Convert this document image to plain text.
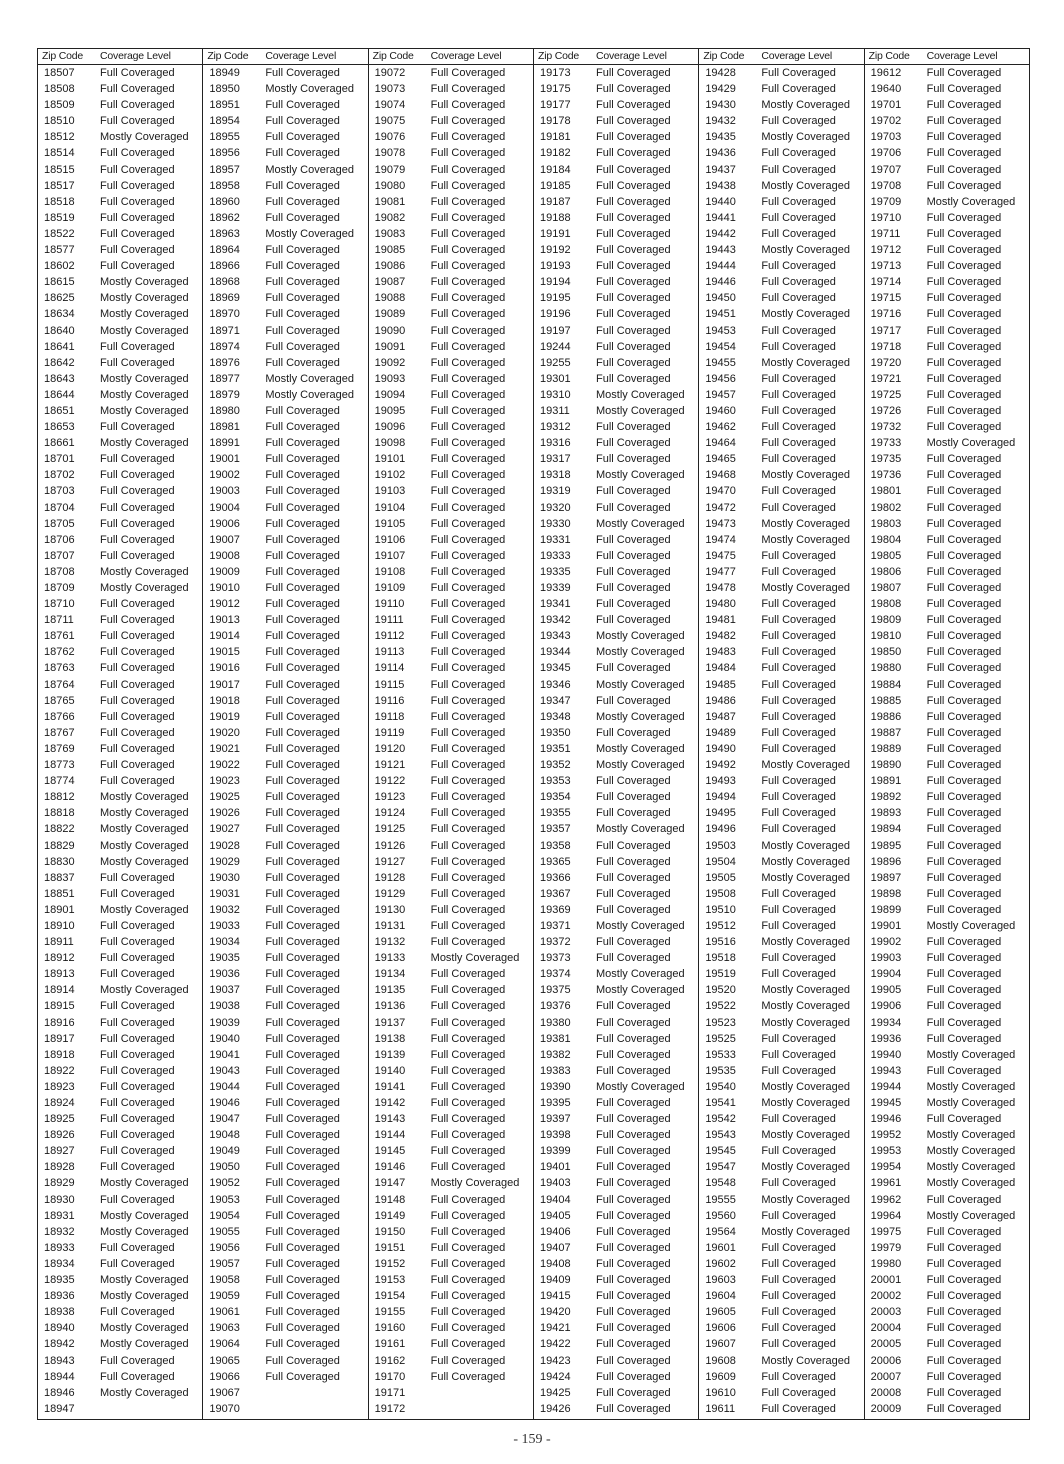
Zip Code	Coverage Level
18507	Full Coveraged
18508	Full Coveraged
18509	Full Coveraged
18510	Full Coveraged
18512	Mostly Coveraged
18514	Full Coveraged
18515	Full Coveraged
18517	Full Coveraged
18518	Full Coveraged
18519	Full Coveraged
18522	Full Coveraged
18577	Full Coveraged
18602	Full Coveraged
18615	Mostly Coveraged
18625	Mostly Coveraged
18634	Mostly Coveraged
18640	Mostly Coveraged
18641	Full Coveraged
18642	Full Coveraged
18643	Mostly Coveraged
18644	Mostly Coveraged
18651	Mostly Coveraged
18653	Full Coveraged
18661	Mostly Coveraged
18701	Full Coveraged
18702	Full Coveraged
18703	Full Coveraged
18704	Full Coveraged
18705	Full Coveraged
18706	Full Coveraged
18707	Full Coveraged
18708	Mostly Coveraged
18709	Mostly Coveraged
18710	Full Coveraged
18711	Full Coveraged
18761	Full Coveraged
18762	Full Coveraged
18763	Full Coveraged
18764	Full Coveraged
18765	Full Coveraged
18766	Full Coveraged
18767	Full Coveraged
18769	Full Coveraged
18773	Full Coveraged
18774	Full Coveraged
18812	Mostly Coveraged
18818	Mostly Coveraged
18822	Mostly Coveraged
18829	Mostly Coveraged
18830	Mostly Coveraged
18837	Full Coveraged
18851	Full Coveraged
18901	Mostly Coveraged
18910	Full Coveraged
18911	Full Coveraged
18912	Full Coveraged
18913	Full Coveraged
18914	Mostly Coveraged
18915	Full Coveraged
18916	Full Coveraged
18917	Full Coveraged
18918	Full Coveraged
18922	Full Coveraged
18923	Full Coveraged
18924	Full Coveraged
18925	Full Coveraged
18926	Full Coveraged
18927	Full Coveraged
18928	Full Coveraged
18929	Mostly Coveraged
18930	Full Coveraged
18931	Mostly Coveraged
18932	Mostly Coveraged
18933	Full Coveraged
18934	Full Coveraged
18935	Mostly Coveraged
18936	Mostly Coveraged
18938	Full Coveraged
18940	Mostly Coveraged
18942	Mostly Coveraged
18943	Full Coveraged
18944	Full Coveraged
18946	Mostly Coveraged
18947
Zip Code	Coverage Level
18949	Full Coveraged
18950	Mostly Coveraged
18951	Full Coveraged
18954	Full Coveraged
18955	Full Coveraged
18956	Full Coveraged
18957	Mostly Coveraged
18958	Full Coveraged
18960	Full Coveraged
18962	Full Coveraged
18963	Mostly Coveraged
18964	Full Coveraged
18966	Full Coveraged
18968	Full Coveraged
18969	Full Coveraged
18970	Full Coveraged
18971	Full Coveraged
18974	Full Coveraged
18976	Full Coveraged
18977	Mostly Coveraged
18979	Mostly Coveraged
18980	Full Coveraged
18981	Full Coveraged
18991	Full Coveraged
19001	Full Coveraged
19002	Full Coveraged
19003	Full Coveraged
19004	Full Coveraged
19006	Full Coveraged
19007	Full Coveraged
19008	Full Coveraged
19009	Full Coveraged
19010	Full Coveraged
19012	Full Coveraged
19013	Full Coveraged
19014	Full Coveraged
19015	Full Coveraged
19016	Full Coveraged
19017	Full Coveraged
19018	Full Coveraged
19019	Full Coveraged
19020	Full Coveraged
19021	Full Coveraged
19022	Full Coveraged
19023	Full Coveraged
19025	Full Coveraged
19026	Full Coveraged
19027	Full Coveraged
19028	Full Coveraged
19029	Full Coveraged
19030	Full Coveraged
19031	Full Coveraged
19032	Full Coveraged
19033	Full Coveraged
19034	Full Coveraged
19035	Full Coveraged
19036	Full Coveraged
19037	Full Coveraged
19038	Full Coveraged
19039	Full Coveraged
19040	Full Coveraged
19041	Full Coveraged
19043	Full Coveraged
19044	Full Coveraged
19046	Full Coveraged
19047	Full Coveraged
19048	Full Coveraged
19049	Full Coveraged
19050	Full Coveraged
19052	Full Coveraged
19053	Full Coveraged
19054	Full Coveraged
19055	Full Coveraged
19056	Full Coveraged
19057	Full Coveraged
19058	Full Coveraged
19059	Full Coveraged
19061	Full Coveraged
19063	Full Coveraged
19064	Full Coveraged
19065	Full Coveraged
19066	Full Coveraged
19067
19070
Zip Code	Coverage Level
19072	Full Coveraged
19073	Full Coveraged
19074	Full Coveraged
19075	Full Coveraged
19076	Full Coveraged
19078	Full Coveraged
19079	Full Coveraged
19080	Full Coveraged
19081	Full Coveraged
19082	Full Coveraged
19083	Full Coveraged
19085	Full Coveraged
19086	Full Coveraged
19087	Full Coveraged
19088	Full Coveraged
19089	Full Coveraged
19090	Full Coveraged
19091	Full Coveraged
19092	Full Coveraged
19093	Full Coveraged
19094	Full Coveraged
19095	Full Coveraged
19096	Full Coveraged
19098	Full Coveraged
19101	Full Coveraged
19102	Full Coveraged
19103	Full Coveraged
19104	Full Coveraged
19105	Full Coveraged
19106	Full Coveraged
19107	Full Coveraged
19108	Full Coveraged
19109	Full Coveraged
19110	Full Coveraged
19111	Full Coveraged
19112	Full Coveraged
19113	Full Coveraged
19114	Full Coveraged
19115	Full Coveraged
19116	Full Coveraged
19118	Full Coveraged
19119	Full Coveraged
19120	Full Coveraged
19121	Full Coveraged
19122	Full Coveraged
19123	Full Coveraged
19124	Full Coveraged
19125	Full Coveraged
19126	Full Coveraged
19127	Full Coveraged
19128	Full Coveraged
19129	Full Coveraged
19130	Full Coveraged
19131	Full Coveraged
19132	Full Coveraged
19133	Mostly Coveraged
19134	Full Coveraged
19135	Full Coveraged
19136	Full Coveraged
19137	Full Coveraged
19138	Full Coveraged
19139	Full Coveraged
19140	Full Coveraged
19141	Full Coveraged
19142	Full Coveraged
19143	Full Coveraged
19144	Full Coveraged
19145	Full Coveraged
19146	Full Coveraged
19147	Mostly Coveraged
19148	Full Coveraged
19149	Full Coveraged
19150	Full Coveraged
19151	Full Coveraged
19152	Full Coveraged
19153	Full Coveraged
19154	Full Coveraged
19155	Full Coveraged
19160	Full Coveraged
19161	Full Coveraged
19162	Full Coveraged
19170	Full Coveraged
19171
19172
Zip Code	Coverage Level
19173	Full Coveraged
19175	Full Coveraged
19177	Full Coveraged
19178	Full Coveraged
19181	Full Coveraged
19182	Full Coveraged
19184	Full Coveraged
19185	Full Coveraged
19187	Full Coveraged
19188	Full Coveraged
19191	Full Coveraged
19192	Full Coveraged
19193	Full Coveraged
19194	Full Coveraged
19195	Full Coveraged
19196	Full Coveraged
19197	Full Coveraged
19244	Full Coveraged
19255	Full Coveraged
19301	Full Coveraged
19310	Mostly Coveraged
19311	Mostly Coveraged
19312	Full Coveraged
19316	Full Coveraged
19317	Full Coveraged
19318	Mostly Coveraged
19319	Full Coveraged
19320	Full Coveraged
19330	Mostly Coveraged
19331	Full Coveraged
19333	Full Coveraged
19335	Full Coveraged
19339	Full Coveraged
19341	Full Coveraged
19342	Full Coveraged
19343	Mostly Coveraged
19344	Mostly Coveraged
19345	Full Coveraged
19346	Mostly Coveraged
19347	Full Coveraged
19348	Mostly Coveraged
19350	Full Coveraged
19351	Mostly Coveraged
19352	Mostly Coveraged
19353	Full Coveraged
19354	Full Coveraged
19355	Full Coveraged
19357	Mostly Coveraged
19358	Full Coveraged
19365	Full Coveraged
19366	Full Coveraged
19367	Full Coveraged
19369	Full Coveraged
19371	Mostly Coveraged
19372	Full Coveraged
19373	Full Coveraged
19374	Mostly Coveraged
19375	Mostly Coveraged
19376	Full Coveraged
19380	Full Coveraged
19381	Full Coveraged
19382	Full Coveraged
19383	Full Coveraged
19390	Mostly Coveraged
19395	Full Coveraged
19397	Full Coveraged
19398	Full Coveraged
19399	Full Coveraged
19401	Full Coveraged
19403	Full Coveraged
19404	Full Coveraged
19405	Full Coveraged
19406	Full Coveraged
19407	Full Coveraged
19408	Full Coveraged
19409	Full Coveraged
19415	Full Coveraged
19420	Full Coveraged
19421	Full Coveraged
19422	Full Coveraged
19423	Full Coveraged
19424	Full Coveraged
19425	Full Coveraged
19426	Full Coveraged
Zip Code	Coverage Level
19428	Full Coveraged
19429	Full Coveraged
19430	Mostly Coveraged
19432	Full Coveraged
19435	Mostly Coveraged
19436	Full Coveraged
19437	Full Coveraged
19438	Mostly Coveraged
19440	Full Coveraged
19441	Full Coveraged
19442	Full Coveraged
19443	Mostly Coveraged
19444	Full Coveraged
19446	Full Coveraged
19450	Full Coveraged
19451	Mostly Coveraged
19453	Full Coveraged
19454	Full Coveraged
19455	Mostly Coveraged
19456	Full Coveraged
19457	Full Coveraged
19460	Full Coveraged
19462	Full Coveraged
19464	Full Coveraged
19465	Full Coveraged
19468	Mostly Coveraged
19470	Full Coveraged
19472	Full Coveraged
19473	Mostly Coveraged
19474	Mostly Coveraged
19475	Full Coveraged
19477	Full Coveraged
19478	Mostly Coveraged
19480	Full Coveraged
19481	Full Coveraged
19482	Full Coveraged
19483	Full Coveraged
19484	Full Coveraged
19485	Full Coveraged
19486	Full Coveraged
19487	Full Coveraged
19489	Full Coveraged
19490	Full Coveraged
19492	Mostly Coveraged
19493	Full Coveraged
19494	Full Coveraged
19495	Full Coveraged
19496	Full Coveraged
19503	Mostly Coveraged
19504	Mostly Coveraged
19505	Mostly Coveraged
19508	Full Coveraged
19510	Full Coveraged
19512	Full Coveraged
19516	Mostly Coveraged
19518	Full Coveraged
19519	Full Coveraged
19520	Mostly Coveraged
19522	Mostly Coveraged
19523	Mostly Coveraged
19525	Full Coveraged
19533	Full Coveraged
19535	Full Coveraged
19540	Mostly Coveraged
19541	Mostly Coveraged
19542	Full Coveraged
19543	Mostly Coveraged
19545	Full Coveraged
19547	Mostly Coveraged
19548	Full Coveraged
19555	Mostly Coveraged
19560	Full Coveraged
19564	Mostly Coveraged
19601	Full Coveraged
19602	Full Coveraged
19603	Full Coveraged
19604	Full Coveraged
19605	Full Coveraged
19606	Full Coveraged
19607	Full Coveraged
19608	Mostly Coveraged
19609	Full Coveraged
19610	Full Coveraged
19611	Full Coveraged
Zip Code	Coverage Level
19612	Full Coveraged
19640	Full Coveraged
19701	Full Coveraged
19702	Full Coveraged
19703	Full Coveraged
19706	Full Coveraged
19707	Full Coveraged
19708	Full Coveraged
19709	Mostly Coveraged
19710	Full Coveraged
19711	Full Coveraged
19712	Full Coveraged
19713	Full Coveraged
19714	Full Coveraged
19715	Full Coveraged
19716	Full Coveraged
19717	Full Coveraged
19718	Full Coveraged
19720	Full Coveraged
19721	Full Coveraged
19725	Full Coveraged
19726	Full Coveraged
19732	Full Coveraged
19733	Mostly Coveraged
19735	Full Coveraged
19736	Full Coveraged
19801	Full Coveraged
19802	Full Coveraged
19803	Full Coveraged
19804	Full Coveraged
19805	Full Coveraged
19806	Full Coveraged
19807	Full Coveraged
19808	Full Coveraged
19809	Full Coveraged
19810	Full Coveraged
19850	Full Coveraged
19880	Full Coveraged
19884	Full Coveraged
19885	Full Coveraged
19886	Full Coveraged
19887	Full Coveraged
19889	Full Coveraged
19890	Full Coveraged
19891	Full Coveraged
19892	Full Coveraged
19893	Full Coveraged
19894	Full Coveraged
19895	Full Coveraged
19896	Full Coveraged
19897	Full Coveraged
19898	Full Coveraged
19899	Full Coveraged
19901	Mostly Coveraged
19902	Full Coveraged
19903	Full Coveraged
19904	Full Coveraged
19905	Full Coveraged
19906	Full Coveraged
19934	Full Coveraged
19936	Full Coveraged
19940	Mostly Coveraged
19943	Full Coveraged
19944	Mostly Coveraged
19945	Mostly Coveraged
19946	Full Coveraged
19952	Mostly Coveraged
19953	Mostly Coveraged
19954	Mostly Coveraged
19961	Mostly Coveraged
19962	Full Coveraged
19964	Mostly Coveraged
19975	Full Coveraged
19979	Full Coveraged
19980	Full Coveraged
20001	Full Coveraged
20002	Full Coveraged
20003	Full Coveraged
20004	Full Coveraged
20005	Full Coveraged
20006	Full Coveraged
20007	Full Coveraged
20008	Full Coveraged
20009	Full Coveraged
- 159 -
